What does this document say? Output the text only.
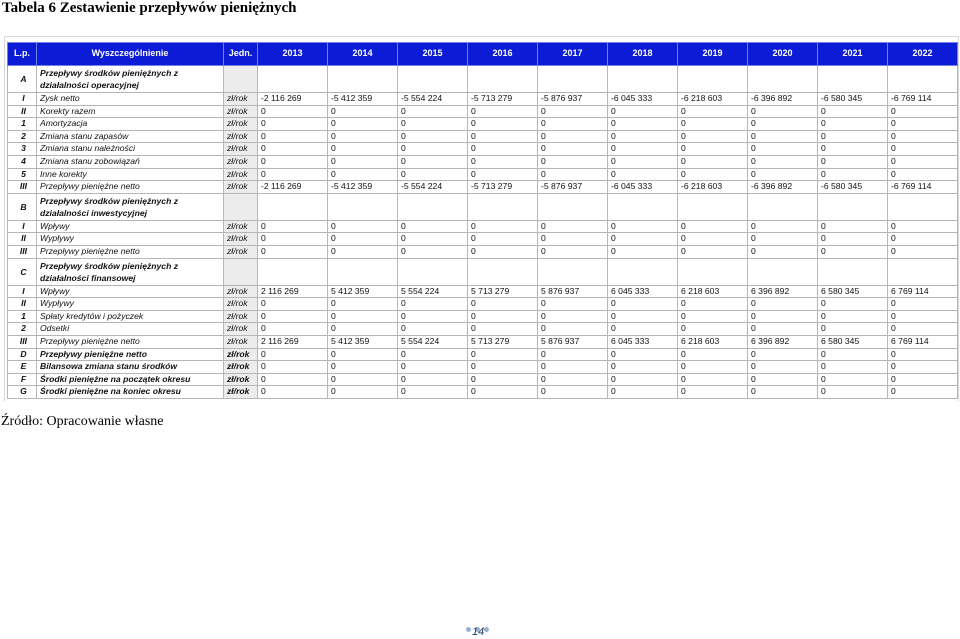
Tabela 6 Zestawienie przepływów pieniężnych
L.p.	Wyszczególnienie	Jedn.	2013	2014	2015	2016	2017	2018	2019	2020	2021	2022
A	Przepływy środków pieniężnych z działalności operacyjnej											
I	Zysk netto	zł/rok	-2 116 269	-5 412 359	-5 554 224	-5 713 279	-5 876 937	-6 045 333	-6 218 603	-6 396 892	-6 580 345	-6 769 114
II	Korekty razem	zł/rok	0	0	0	0	0	0	0	0	0	0
1	Amortyzacja	zł/rok	0	0	0	0	0	0	0	0	0	0
2	Zmiana stanu zapasów	zł/rok	0	0	0	0	0	0	0	0	0	0
3	Zmiana stanu należności	zł/rok	0	0	0	0	0	0	0	0	0	0
4	Zmiana stanu zobowiązań	zł/rok	0	0	0	0	0	0	0	0	0	0
5	Inne korekty	zł/rok	0	0	0	0	0	0	0	0	0	0
III	Przepływy pieniężne netto	zł/rok	-2 116 269	-5 412 359	-5 554 224	-5 713 279	-5 876 937	-6 045 333	-6 218 603	-6 396 892	-6 580 345	-6 769 114
B	Przepływy środków pieniężnych z działalności inwestycyjnej											
I	Wpływy	zł/rok	0	0	0	0	0	0	0	0	0	0
II	Wypływy	zł/rok	0	0	0	0	0	0	0	0	0	0
III	Przepływy pieniężne netto	zł/rok	0	0	0	0	0	0	0	0	0	0
C	Przepływy środków pieniężnych z działalności finansowej											
I	Wpływy	zł/rok	2 116 269	5 412 359	5 554 224	5 713 279	5 876 937	6 045 333	6 218 603	6 396 892	6 580 345	6 769 114
II	Wypływy	zł/rok	0	0	0	0	0	0	0	0	0	0
1	Spłaty kredytów i pożyczek	zł/rok	0	0	0	0	0	0	0	0	0	0
2	Odsetki	zł/rok	0	0	0	0	0	0	0	0	0	0
III	Przepływy pieniężne netto	zł/rok	2 116 269	5 412 359	5 554 224	5 713 279	5 876 937	6 045 333	6 218 603	6 396 892	6 580 345	6 769 114
D	Przepływy pieniężne netto	zł/rok	0	0	0	0	0	0	0	0	0	0
E	Bilansowa zmiana stanu środków	zł/rok	0	0	0	0	0	0	0	0	0	0
F	Środki pieniężne na początek okresu	zł/rok	0	0	0	0	0	0	0	0	0	0
G	Środki pieniężne na koniec okresu	zł/rok	0	0	0	0	0	0	0	0	0	0
Źródło: Opracowanie własne
14
